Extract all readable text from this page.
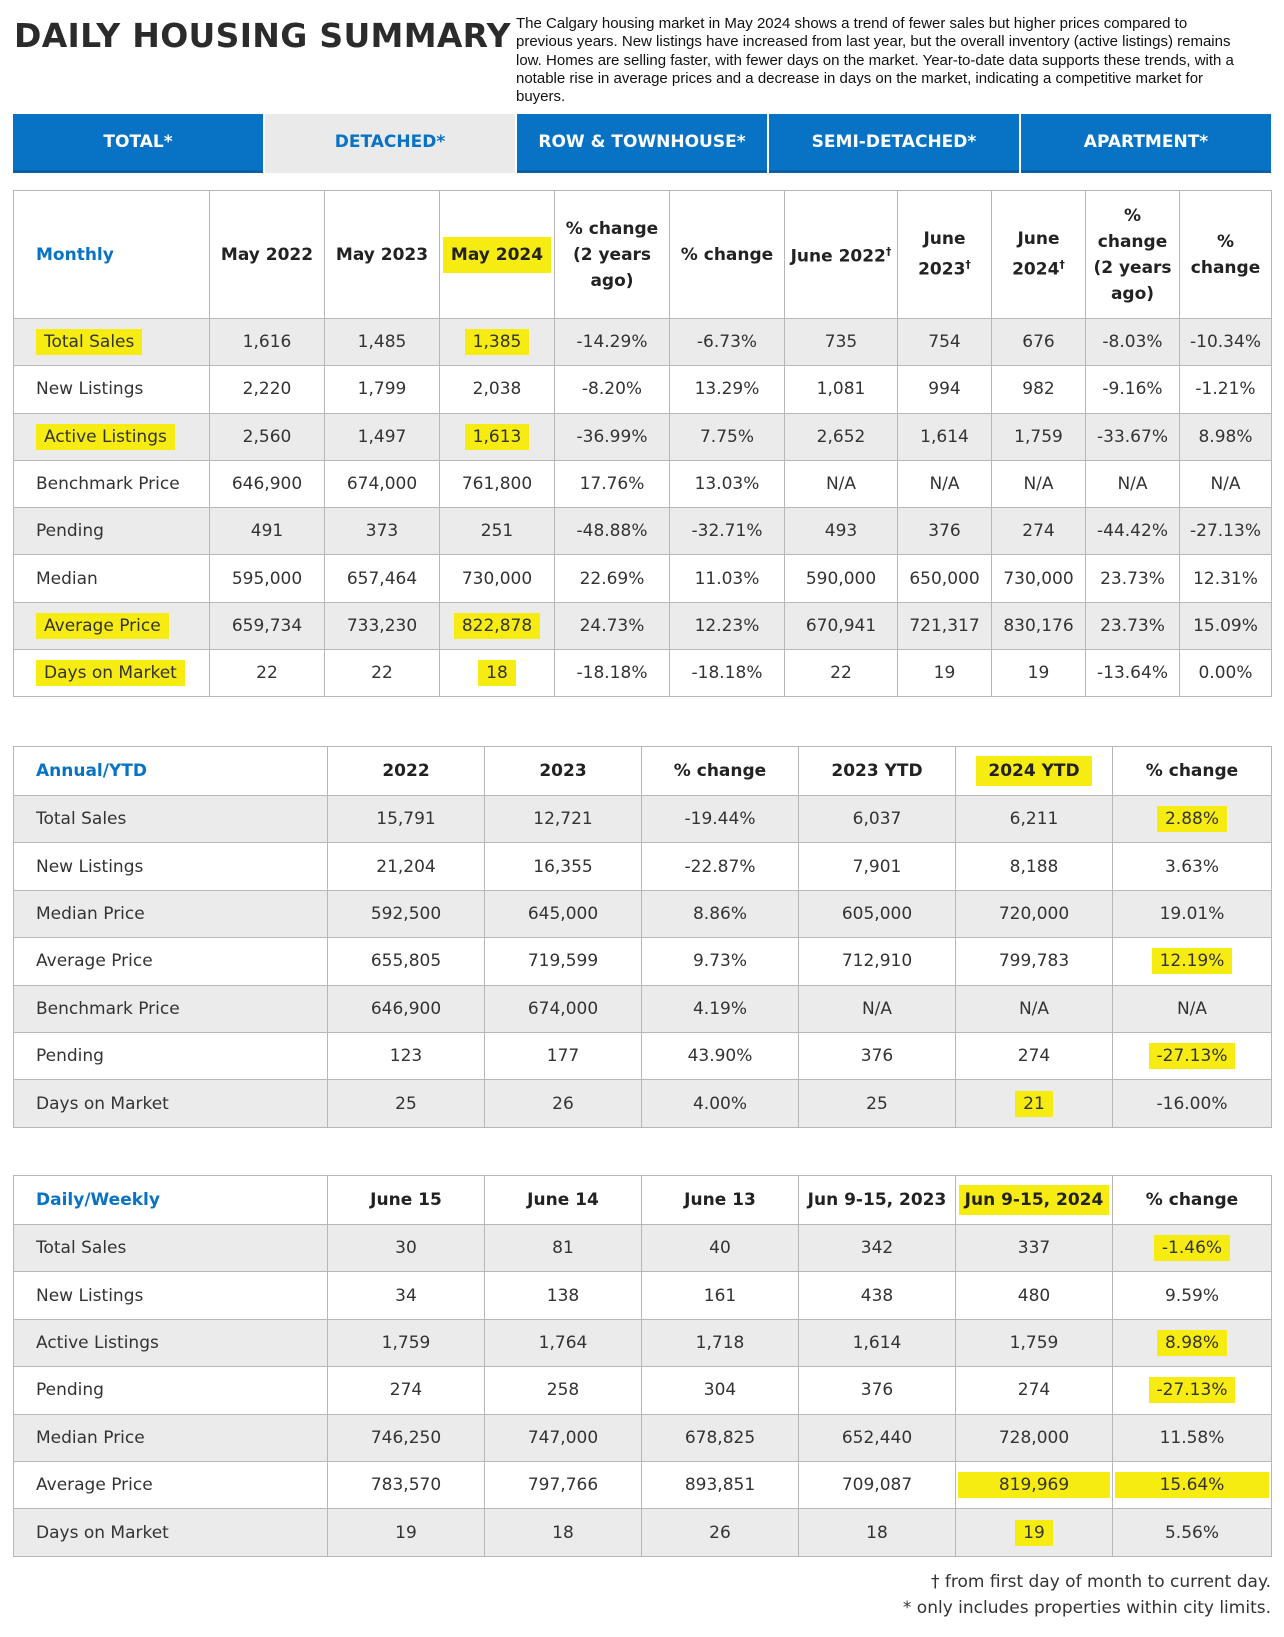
DAILY HOUSING SUMMARY The Calgary housing market in May 2024 shows a trend of fewer sales but higher prices compared to previous years. New listings have increased from last year, but the overall inventory (active listings) remains low. Homes are selling faster, with fewer days on the market. Year-to-date data supports these trends, with a notable rise in average prices and a decrease in days on the market, indicating a competitive market for buyers.
TOTAL*	DETACHED*	ROW & TOWNHOUSE*	SEMI-DETACHED*	APARTMENT*
Monthly	May 2022	May 2023	May 2024	% change (2 years ago)	% change	June 2022†	June 2023†	June 2024†	% change (2 years ago)	% change
Total Sales	1,616	1,485	1,385	-14.29%	-6.73%	735	754	676	-8.03%	-10.34%
New Listings	2,220	1,799	2,038	-8.20%	13.29%	1,081	994	982	-9.16%	-1.21%
Active Listings	2,560	1,497	1,613	-36.99%	7.75%	2,652	1,614	1,759	-33.67%	8.98%
Benchmark Price	646,900	674,000	761,800	17.76%	13.03%	N/A	N/A	N/A	N/A	N/A
Pending	491	373	251	-48.88%	-32.71%	493	376	274	-44.42%	-27.13%
Median	595,000	657,464	730,000	22.69%	11.03%	590,000	650,000	730,000	23.73%	12.31%
Average Price	659,734	733,230	822,878	24.73%	12.23%	670,941	721,317	830,176	23.73%	15.09%
Days on Market	22	22	18	-18.18%	-18.18%	22	19	19	-13.64%	0.00%
Annual/YTD	2022	2023	% change	2023 YTD	2024 YTD	% change
Total Sales	15,791	12,721	-19.44%	6,037	6,211	2.88%
New Listings	21,204	16,355	-22.87%	7,901	8,188	3.63%
Median Price	592,500	645,000	8.86%	605,000	720,000	19.01%
Average Price	655,805	719,599	9.73%	712,910	799,783	12.19%
Benchmark Price	646,900	674,000	4.19%	N/A	N/A	N/A
Pending	123	177	43.90%	376	274	-27.13%
Days on Market	25	26	4.00%	25	21	-16.00%
Daily/Weekly	June 15	June 14	June 13	Jun 9-15, 2023	Jun 9-15, 2024	% change
Total Sales	30	81	40	342	337	-1.46%
New Listings	34	138	161	438	480	9.59%
Active Listings	1,759	1,764	1,718	1,614	1,759	8.98%
Pending	274	258	304	376	274	-27.13%
Median Price	746,250	747,000	678,825	652,440	728,000	11.58%
Average Price	783,570	797,766	893,851	709,087	819,969	15.64%
Days on Market	19	18	26	18	19	5.56%
† from first day of month to current day.
* only includes properties within city limits.
